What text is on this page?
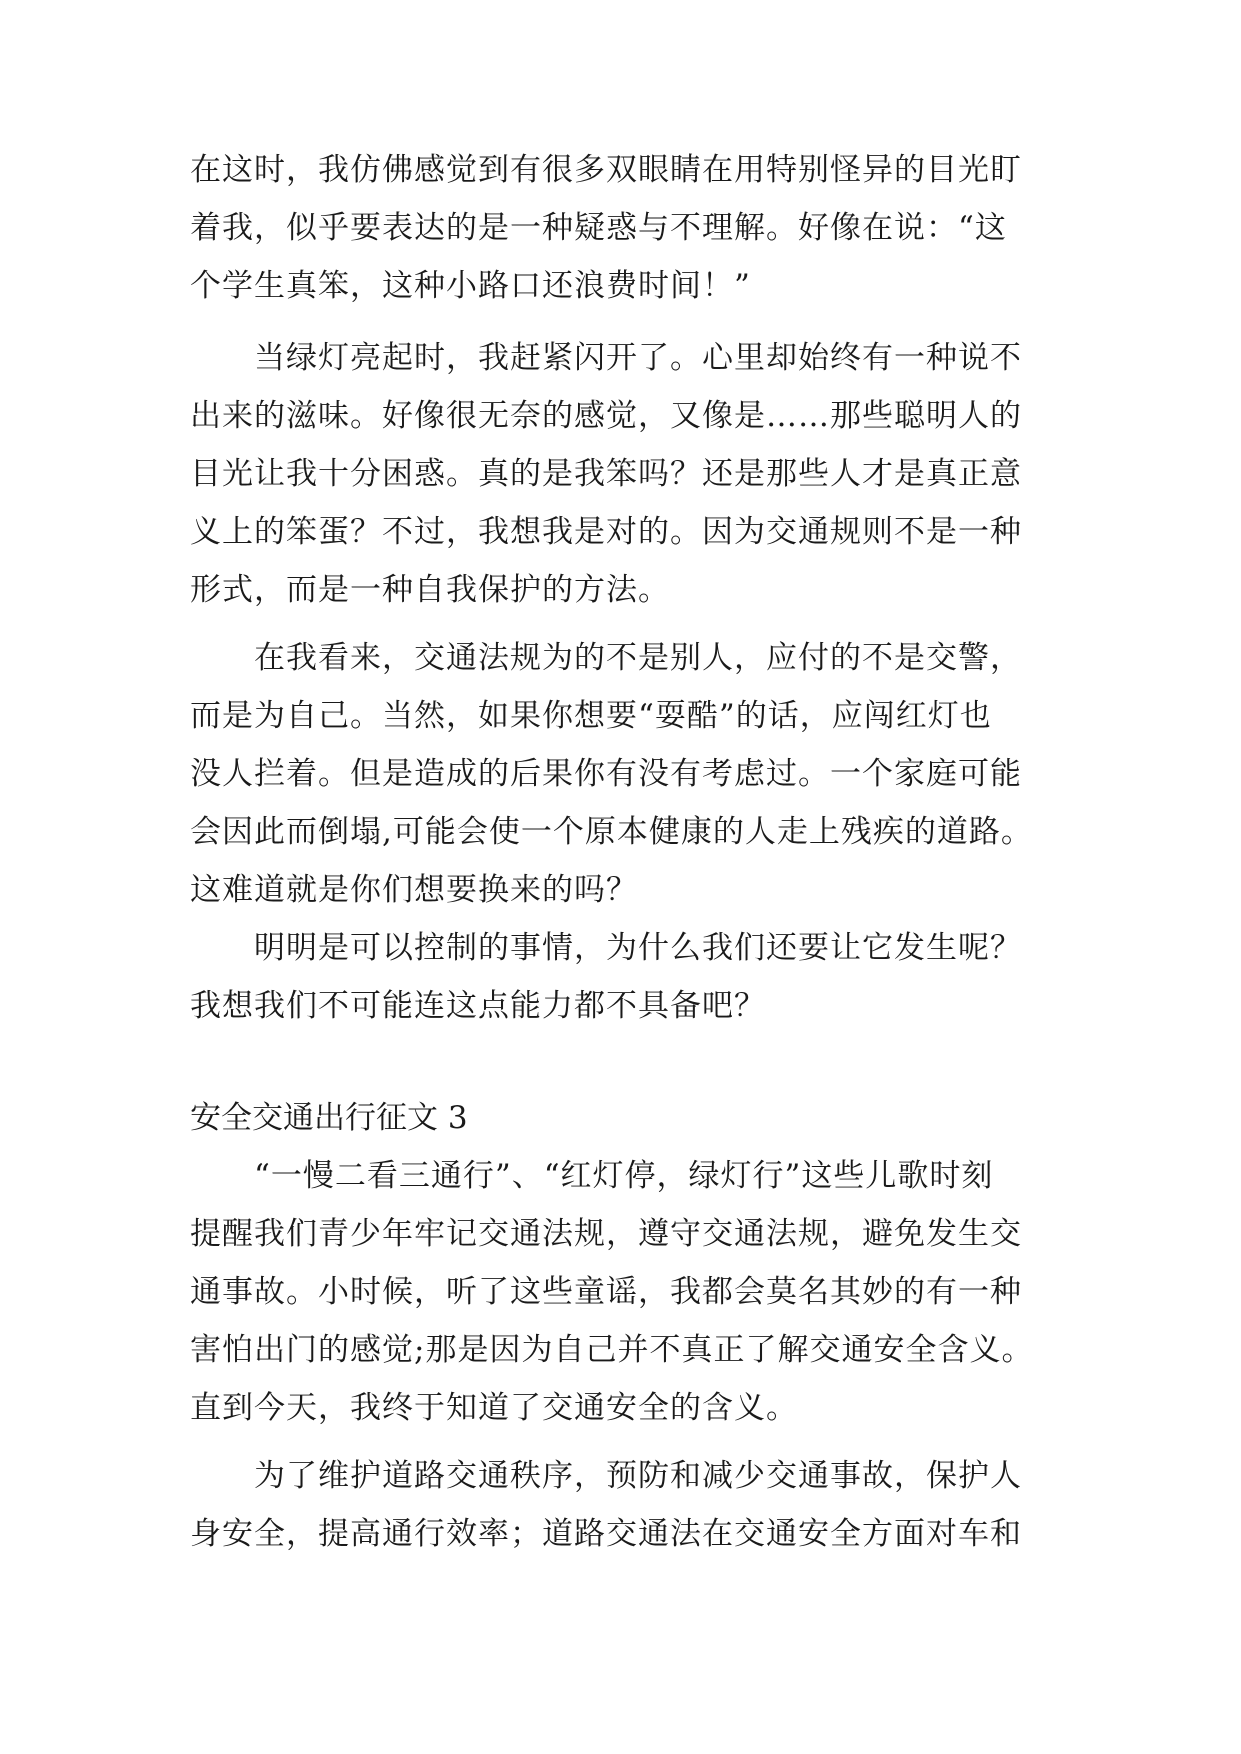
在这时，我仿佛感觉到有很多双眼睛在用特别怪异的目光盯
着我，似乎要表达的是一种疑惑与不理解。好像在说：“这
个学生真笨，这种小路口还浪费时间！”
当绿灯亮起时，我赶紧闪开了。心里却始终有一种说不
出来的滋味。好像很无奈的感觉，又像是……那些聪明人的
目光让我十分困惑。真的是我笨吗？还是那些人才是真正意
义上的笨蛋？不过，我想我是对的。因为交通规则不是一种
形式，而是一种自我保护的方法。
在我看来，交通法规为的不是别人，应付的不是交警，
而是为自己。当然，如果你想要“耍酷”的话，应闯红灯也
没人拦着。但是造成的后果你有没有考虑过。一个家庭可能
会因此而倒塌,可能会使一个原本健康的人走上残疾的道路。
这难道就是你们想要换来的吗？
明明是可以控制的事情，为什么我们还要让它发生呢？
我想我们不可能连这点能力都不具备吧？
安全交通出行征文 3
“一慢二看三通行”、“红灯停，绿灯行”这些儿歌时刻
提醒我们青少年牢记交通法规，遵守交通法规，避免发生交
通事故。小时候，听了这些童谣，我都会莫名其妙的有一种
害怕出门的感觉;那是因为自己并不真正了解交通安全含义。
直到今天，我终于知道了交通安全的含义。
为了维护道路交通秩序，预防和减少交通事故，保护人
身安全，提高通行效率；道路交通法在交通安全方面对车和
